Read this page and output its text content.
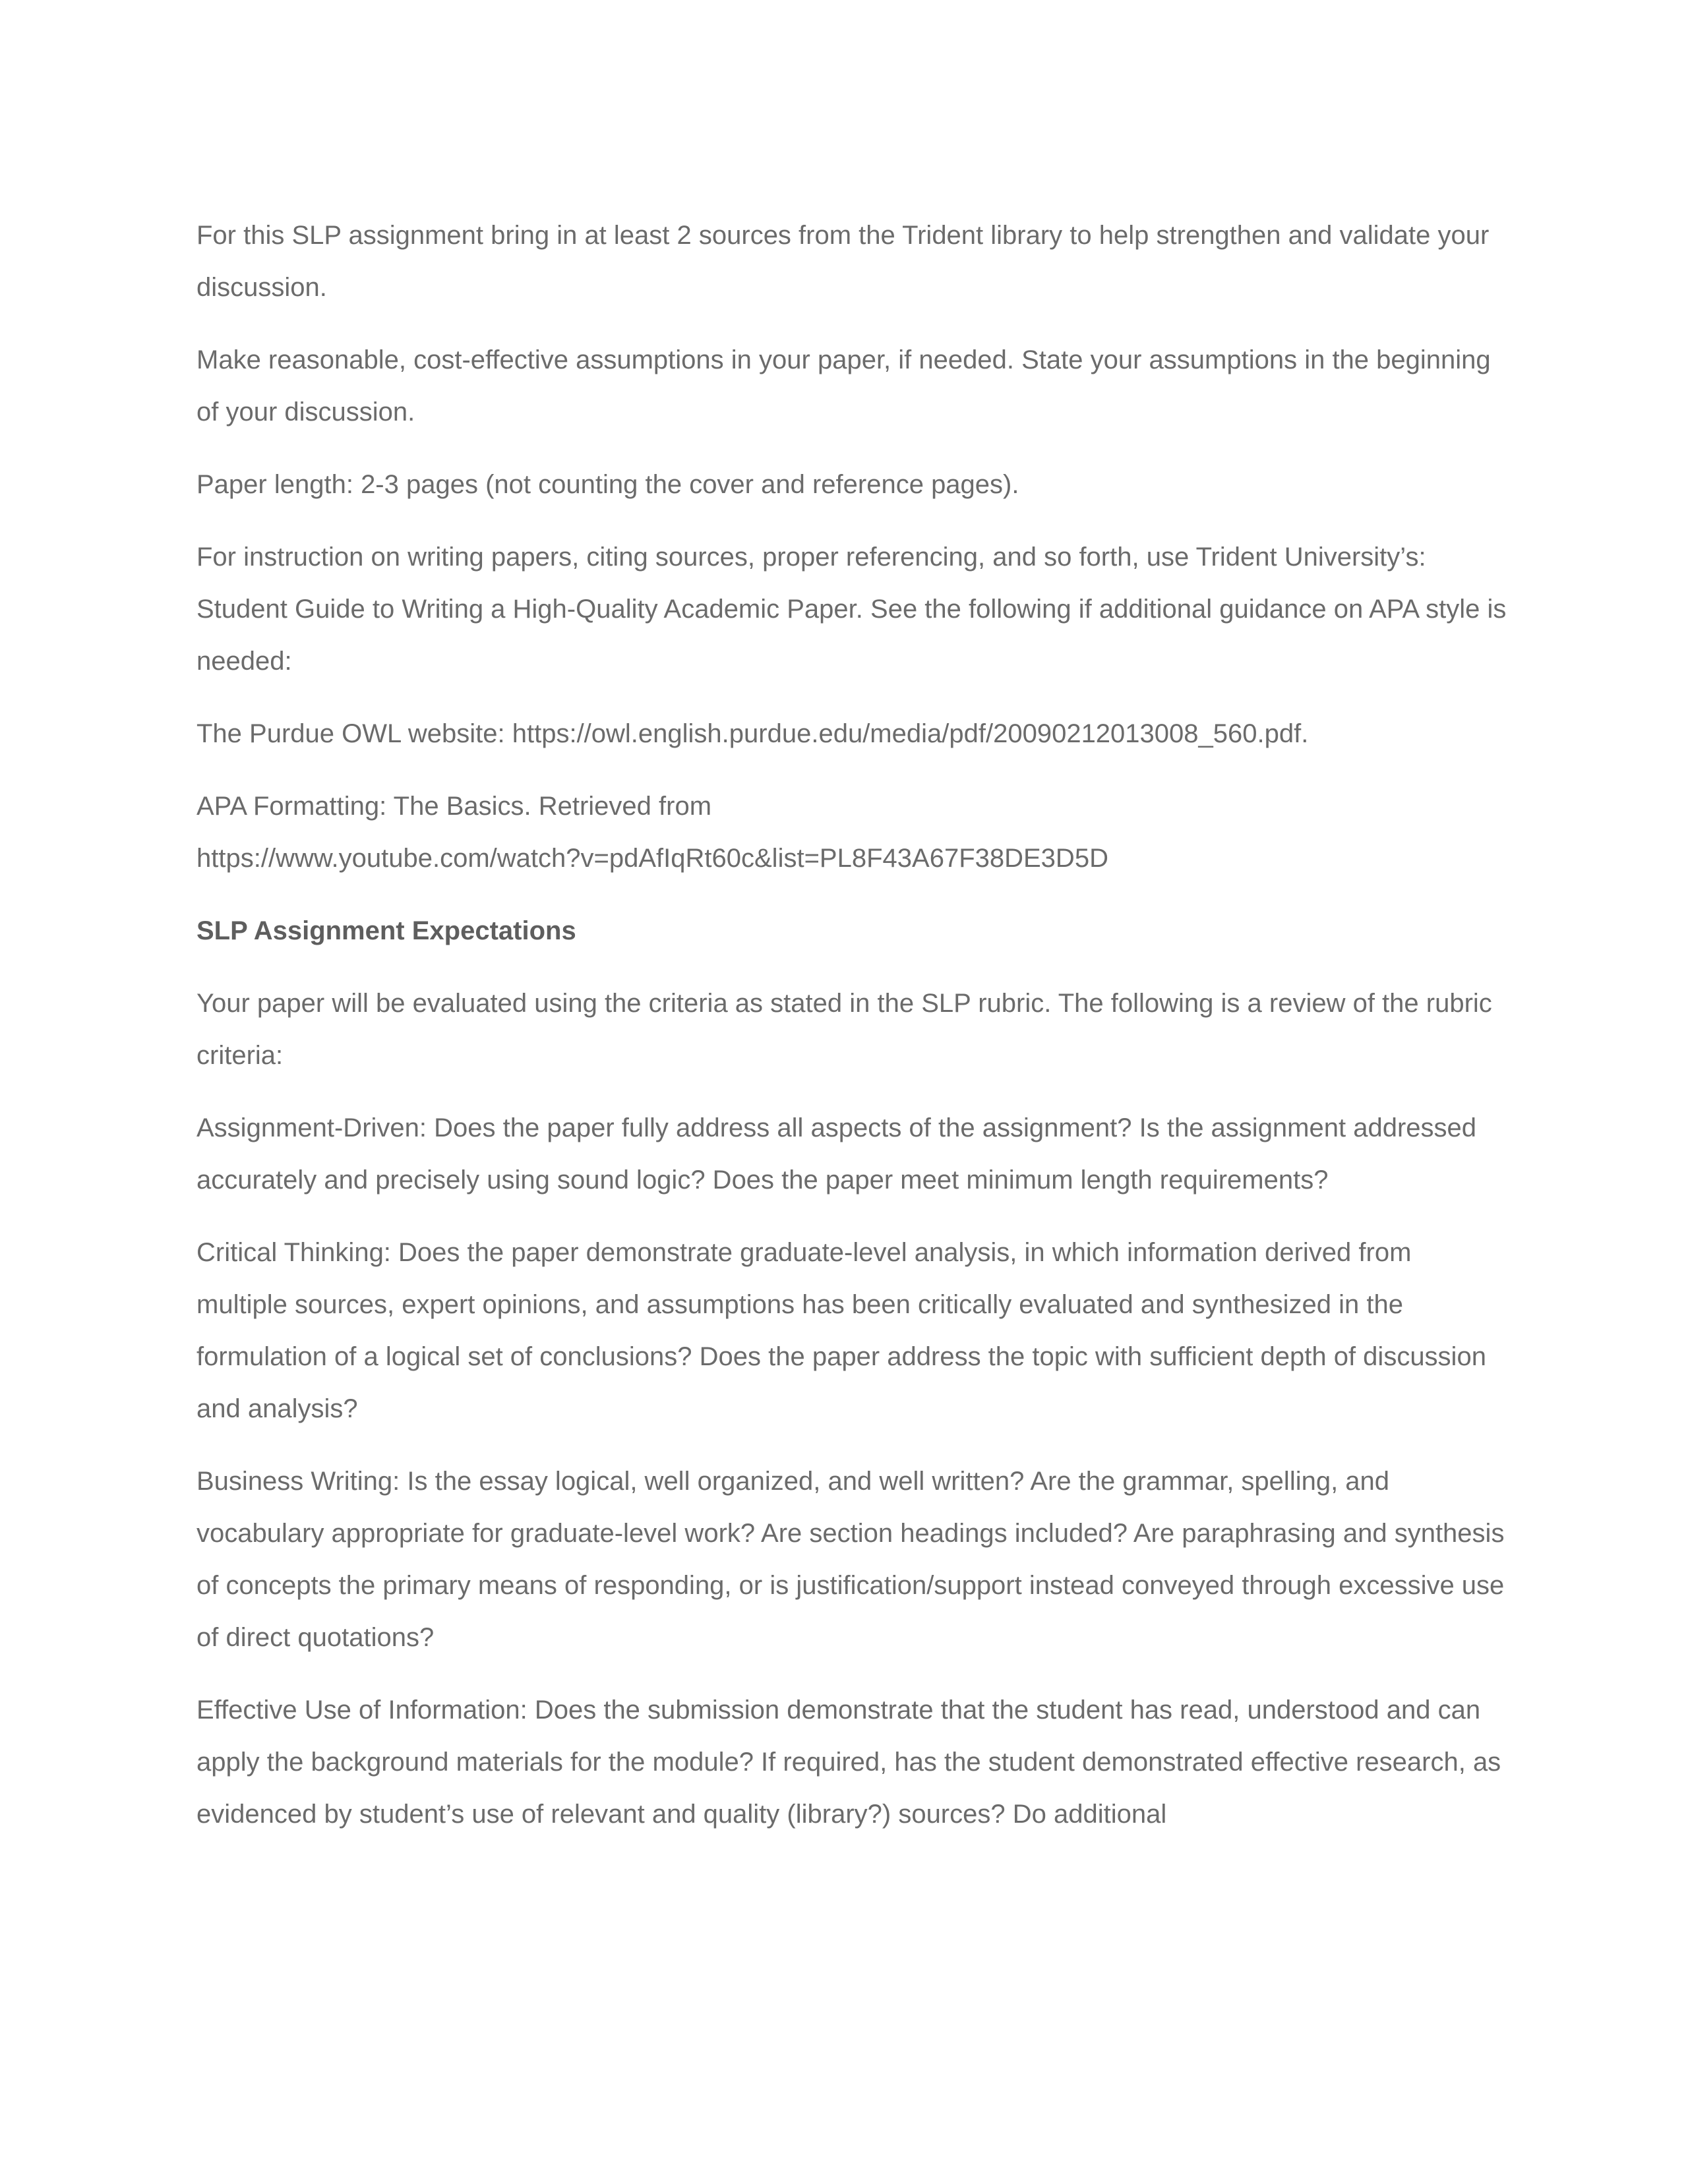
For this SLP assignment bring in at least 2 sources from the Trident library to help strengthen and validate your discussion.

Make reasonable, cost-effective assumptions in your paper, if needed. State your assumptions in the beginning of your discussion.

Paper length: 2-3 pages (not counting the cover and reference pages).

For instruction on writing papers, citing sources, proper referencing, and so forth, use Trident University’s: Student Guide to Writing a High-Quality Academic Paper. See the following if additional guidance on APA style is needed:

The Purdue OWL website: https://owl.english.purdue.edu/media/pdf/20090212013008_560.pdf.

APA Formatting: The Basics. Retrieved from
https://www.youtube.com/watch?v=pdAfIqRt60c&list=PL8F43A67F38DE3D5D

SLP Assignment Expectations

Your paper will be evaluated using the criteria as stated in the SLP rubric. The following is a review of the rubric criteria:

Assignment-Driven: Does the paper fully address all aspects of the assignment? Is the assignment addressed accurately and precisely using sound logic? Does the paper meet minimum length requirements?

Critical Thinking: Does the paper demonstrate graduate-level analysis, in which information derived from multiple sources, expert opinions, and assumptions has been critically evaluated and synthesized in the formulation of a logical set of conclusions? Does the paper address the topic with sufficient depth of discussion and analysis?

Business Writing: Is the essay logical, well organized, and well written? Are the grammar, spelling, and vocabulary appropriate for graduate-level work? Are section headings included? Are paraphrasing and synthesis of concepts the primary means of responding, or is justification/support instead conveyed through excessive use of direct quotations?

Effective Use of Information: Does the submission demonstrate that the student has read, understood and can apply the background materials for the module? If required, has the student demonstrated effective research, as evidenced by student’s use of relevant and quality (library?) sources? Do additional
